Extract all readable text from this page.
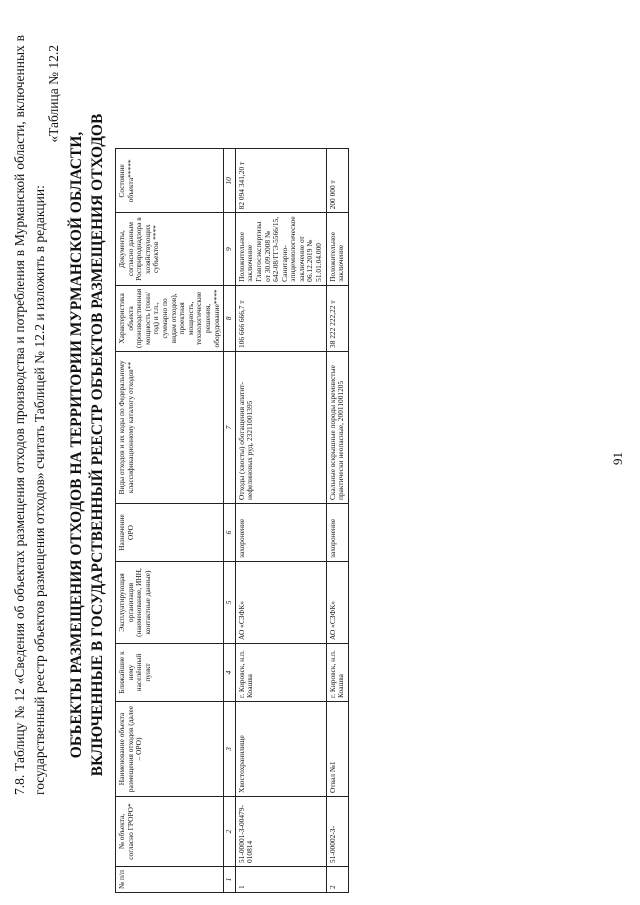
91
7.8. Таблицу № 12 «Сведения об объектах размещения отходов производства и потребления в Мурманской области, включенных в государственный реестр объектов размещения отходов» считать Таблицей № 12.2 и изложить в редакции:
«Таблица № 12.2
ОБЪЕКТЫ РАЗМЕЩЕНИЯ ОТХОДОВ НА ТЕРРИТОРИИ МУРМАНСКОЙ ОБЛАСТИ, ВКЛЮЧЕННЫЕ В ГОСУДАРСТВЕННЫЙ РЕЕСТР ОБЪЕКТОВ РАЗМЕЩЕНИЯ ОТХОДОВ
№ п/п	№ объекта, согласно ГРОРО*	Наименование объекта размещения отходов (далее – ОРО)	Ближайшие к нему населённый пункт	Эксплуатирующая организация (наименование, ИНН, контактные данные)	Назначение ОРО	Виды отходов и их коды по Федеральному классификационному каталогу отходов**	Характеристика объекта (производственная мощность (тонн/год) и т.п., суммарно по видам отходов), проектная мощность, технологические решения, оборудование****	Документы, согласно данным Росприроднадзора в хозяйствующих субъектов ****	Состояние объекта*****
1	2	3	4	5	6	7	8	9	10
1	51-00001-З-00479-010814	Хвостохранилище	г. Кировск, н.п. Коашва	АО «СЗФК»	захоронение	Отходы (хвосты) обогащения апатит-нефелиновых руд, 23211001395	106 666 666,7 т	Положительное заключение Главгосэкспертизы от 30.09.2008 № 642-08/ГГЭ-5566/15, Санитарно-эпидемиологическое заключение от 06.12.2019 № 51.01.04.000	82 094 341,20 т
2	51-00002-З-	Отвал №1	г. Кировск, н.п. Коашва	АО «СЗФК»	захоронение	Скальные вскрышные породы кремнистые практически неопасные, 20011001205	38 222 222,22 т	Положительное заключение	200 000 т
